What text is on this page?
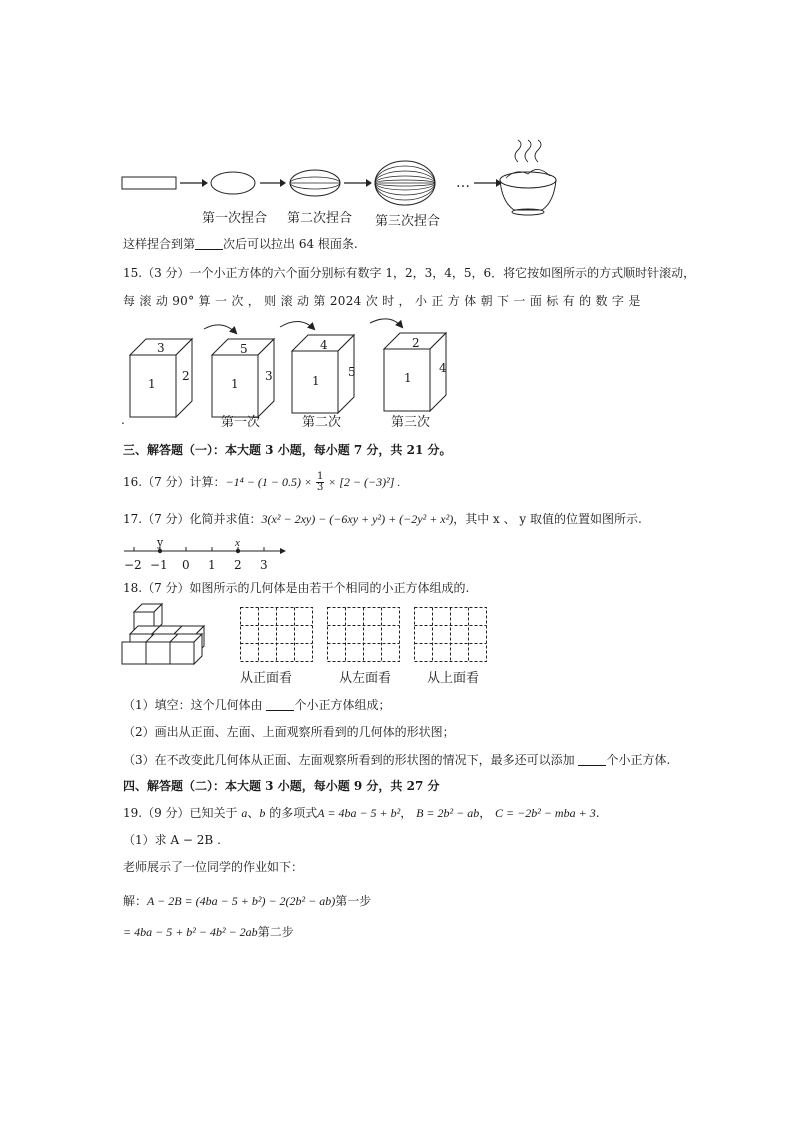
…
第一次捏合 第二次捏合 第三次捏合
这样捏合到第 次后可以拉出 64 根面条.
15.（3 分）一个小正方体的六个面分别标有数字 1，2，3，4，5，6．将它按如图所示的方式顺时针滚动，
每 滚 动 90° 算 一 次 ， 则 滚 动 第 2024 次 时 ， 小 正 方 体 朝 下 一 面 标 有 的 数 字 是
3
1
2
5
1
3
4
1
5
2
1
4
.	第一次	第二次	第三次
三、解答题（一）：本大题 3 小题，每小题 7 分，共 21 分。
16.（7 分）计算：$-1^4 - (1 - 0.5) \times \frac{1}{3} \times [2 - (-3)^2]$ .
17.（7 分）化简并求值：3(x² − 2xy) − (−6xy + y²) + (−2y² + x²)，其中 x 、 y 取值的位置如图所示.
y	x
−2 −1 0 1 2 3
18.（7 分）如图所示的几何体是由若干个相同的小正方体组成的.
从正面看	从左面看	从上面看
（1）填空：这个几何体由	个小正方体组成；
（2）画出从正面、左面、上面观察所看到的几何体的形状图；
（3）在不改变此几何体从正面、左面观察所看到的形状图的情况下，最多还可以添加	个小正方体.
四、解答题（二）：本大题 3 小题，每小题 9 分，共 27 分
19.（9 分）已知关于 a、b 的多项式A = 4ba − 5 + b²， B = 2b² − ab， C = −2b² − mba + 3.
（1）求 A − 2B .
老师展示了一位同学的作业如下：
解：A − 2B = (4ba − 5 + b²) − 2(2b² − ab)第一步
= 4ba − 5 + b² − 4b² − 2ab第二步
